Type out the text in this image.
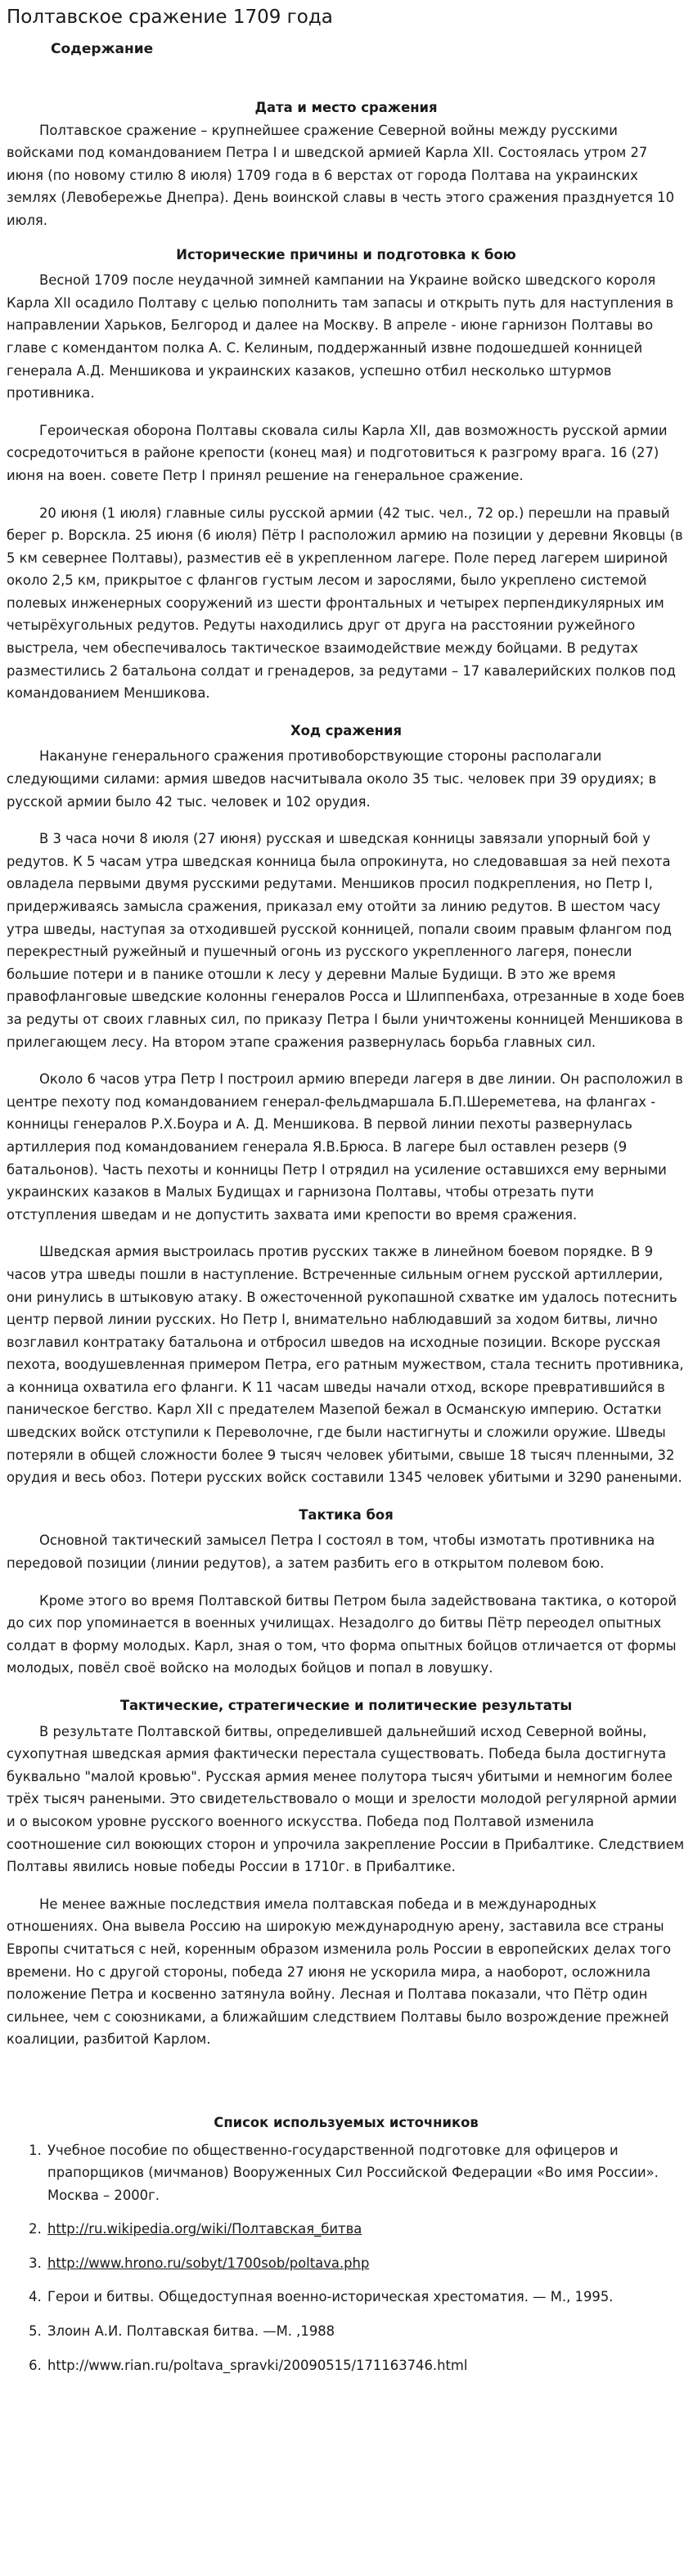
Полтавское сражение 1709 года
Содержание
Дата и место сражения

Полтавское сражение – крупнейшее сражение Северной войны между русскими войсками под командованием Петра I и шведской армией Карла XII. Состоялась утром 27 июня (по новому стилю 8 июля) 1709 года в 6 верстах от города Полтава на украинских землях (Левобережье Днепра). День воинской славы в честь этого сражения празднуется 10 июля.

Исторические причины и подготовка к бою

Весной 1709 после неудачной зимней кампании на Украине войско шведского короля Карла XII осадило Полтаву с целью пополнить там запасы и открыть путь для наступления в направлении Харьков, Белгород и далее на Москву. В апреле - июне гарнизон Полтавы во главе с комендантом полка А. С. Келиным, поддержанный извне подошедшей конницей генерала А.Д. Меншикова и украинских казаков, успешно отбил несколько штурмов противника.

Героическая оборона Полтавы сковала силы Карла XII, дав возможность русской армии сосредоточиться в районе крепости (конец мая) и подготовиться к разгрому врага. 16 (27) июня на воен. совете Петр I принял решение на генеральное сражение.

20 июня (1 июля) главные силы русской армии (42 тыс. чел., 72 ор.) перешли на правый берег р. Ворскла. 25 июня (6 июля) Пётр I расположил армию на позиции у деревни Яковцы (в 5 км севернее Полтавы), разместив её в укрепленном лагере. Поле перед лагерем шириной около 2,5 км, прикрытое с флангов густым лесом и зарослями, было укреплено системой полевых инженерных сооружений из шести фронтальных и четырех перпендикулярных им четырёхугольных редутов. Редуты находились друг от друга на расстоянии ружейного выстрела, чем обеспечивалось тактическое взаимодействие между бойцами. В редутах разместились 2 батальона солдат и гренадеров, за редутами – 17 кавалерийских полков под командованием Меншикова.

Ход сражения

Накануне генерального сражения противоборствующие стороны располагали следующими силами: армия шведов насчитывала около 35 тыс. человек при 39 орудиях; в русской армии было 42 тыс. человек и 102 орудия.

В 3 часа ночи 8 июля (27 июня) русская и шведская конницы завязали упорный бой у редутов. К 5 часам утра шведская конница была опрокинута, но следовавшая за ней пехота овладела первыми двумя русскими редутами. Меншиков просил подкрепления, но Петр I, придерживаясь замысла сражения, приказал ему отойти за линию редутов. В шестом часу утра шведы, наступая за отходившей русской конницей, попали своим правым флангом под перекрестный ружейный и пушечный огонь из русского укрепленного лагеря, понесли большие потери и в панике отошли к лесу у деревни Малые Будищи. В это же время правофланговые шведские колонны генералов Росса и Шлиппенбаха, отрезанные в ходе боев за редуты от своих главных сил, по приказу Петра I были уничтожены конницей Меншикова в прилегающем лесу. На втором этапе сражения развернулась борьба главных сил.

Около 6 часов утра Петр I построил армию впереди лагеря в две линии. Он расположил в центре пехоту под командованием генерал-фельдмаршала Б.П.Шереметева, на флангах - конницы генералов Р.Х.Боура и А. Д. Меншикова. В первой линии пехоты развернулась артиллерия под командованием генерала Я.В.Брюса. В лагере был оставлен резерв (9 батальонов). Часть пехоты и конницы Петр I отрядил на усиление оставшихся ему верными украинских казаков в Малых Будищах и гарнизона Полтавы, чтобы отрезать пути отступления шведам и не допустить захвата ими крепости во время сражения.

Шведская армия выстроилась против русских также в линейном боевом порядке. В 9 часов утра шведы пошли в наступление. Встреченные сильным огнем русской артиллерии, они ринулись в штыковую атаку. В ожесточенной рукопашной схватке им удалось потеснить центр первой линии русских. Но Петр I, внимательно наблюдавший за ходом битвы, лично возглавил контратаку батальона и отбросил шведов на исходные позиции. Вскоре русская пехота, воодушевленная примером Петра, его ратным мужеством, стала теснить противника, а конница охватила его фланги. К 11 часам шведы начали отход, вскоре превратившийся в паническое бегство. Карл XII с предателем Мазепой бежал в Османскую империю. Остатки шведских войск отступили к Переволочне, где были настигнуты и сложили оружие. Шведы потеряли в общей сложности более 9 тысяч человек убитыми, свыше 18 тысяч пленными, 32 орудия и весь обоз. Потери русских войск составили 1345 человек убитыми и 3290 ранеными.

Тактика боя

Основной тактический замысел Петра I состоял в том, чтобы измотать противника на передовой позиции (линии редутов), а затем разбить его в открытом полевом бою.

Кроме этого во время Полтавской битвы Петром была задействована тактика, о которой до сих пор упоминается в военных училищах. Незадолго до битвы Пётр переодел опытных солдат в форму молодых. Карл, зная о том, что форма опытных бойцов отличается от формы молодых, повёл своё войско на молодых бойцов и попал в ловушку.

Тактические, стратегические и политические результаты

В результате Полтавской битвы, определившей дальнейший исход Северной войны, сухопутная шведская армия фактически перестала существовать. Победа была достигнута буквально "малой кровью". Русская армия менее полутора тысяч убитыми и немногим более трёх тысяч ранеными. Это свидетельствовало о мощи и зрелости молодой регулярной армии и о высоком уровне русского военного искусства. Победа под Полтавой изменила соотношение сил воюющих сторон и упрочила закрепление России в Прибалтике. Следствием Полтавы явились новые победы России в 1710г. в Прибалтике.

Не менее важные последствия имела полтавская победа и в международных отношениях. Она вывела Россию на широкую международную арену, заставила все страны Европы считаться с ней, коренным образом изменила роль России в европейских делах того времени. Но с другой стороны, победа 27 июня не ускорила мира, а наоборот, осложнила положение Петра и косвенно затянула войну. Лесная и Полтава показали, что Пётр один сильнее, чем с союзниками, а ближайшим следствием Полтавы было возрождение прежней коалиции, разбитой Карлом.

Список используемых источников
1. Учебное пособие по общественно-государственной подготовке для офицеров и прапорщиков (мичманов) Вооруженных Сил Российской Федерации «Во имя России». Москва – 2000г.
2. http://ru.wikipedia.org/wiki/Полтавская_битва
3. http://www.hrono.ru/sobyt/1700sob/poltava.php
4. Герои и битвы. Общедоступная военно-историческая хрестоматия. — М., 1995.
5. Злоин А.И. Полтавская битва. —М. ,1988
6. http://www.rian.ru/poltava_spravki/20090515/171163746.html
